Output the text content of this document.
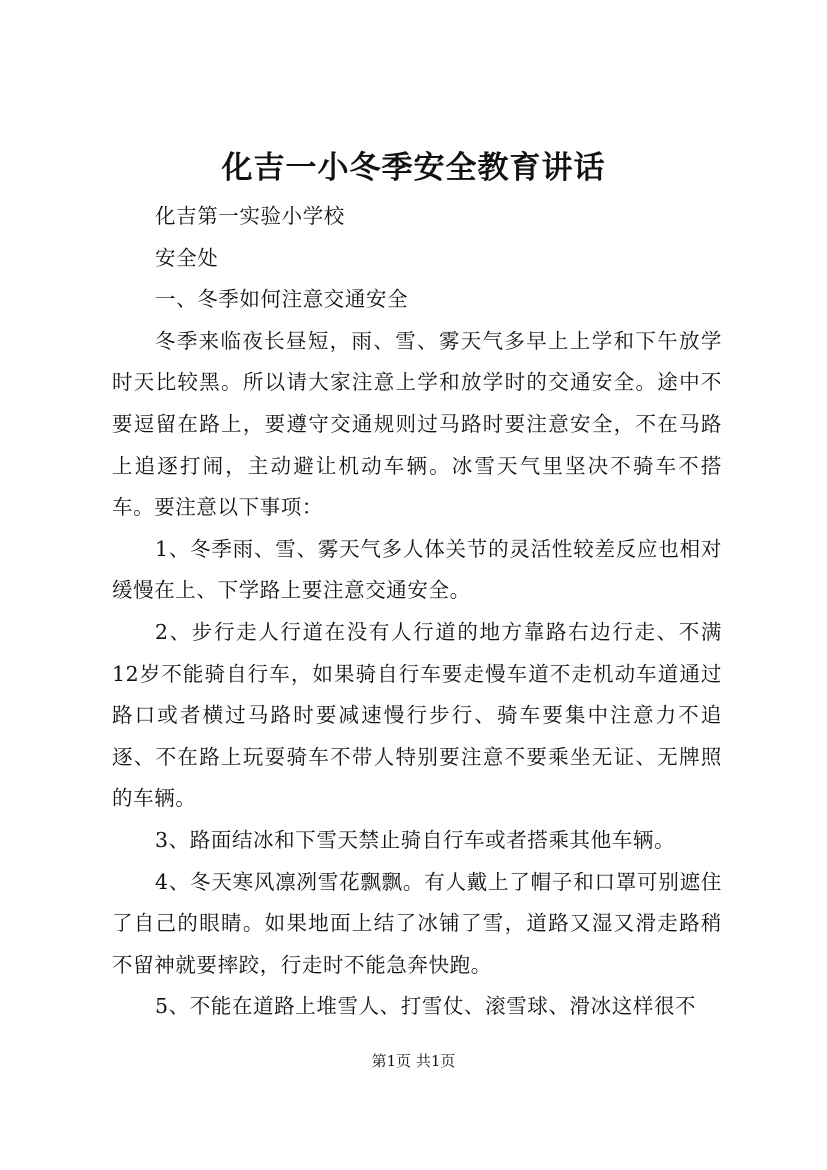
化吉一小冬季安全教育讲话

化吉第一实验小学校

安全处

一、冬季如何注意交通安全

冬季来临夜长昼短，雨、雪、雾天气多早上上学和下午放学时天比较黑。所以请大家注意上学和放学时的交通安全。途中不要逗留在路上，要遵守交通规则过马路时要注意安全，不在马路上追逐打闹，主动避让机动车辆。冰雪天气里坚决不骑车不搭车。要注意以下事项：

1、冬季雨、雪、雾天气多人体关节的灵活性较差反应也相对缓慢在上、下学路上要注意交通安全。

2、步行走人行道在没有人行道的地方靠路右边行走、不满12岁不能骑自行车，如果骑自行车要走慢车道不走机动车道通过路口或者横过马路时要减速慢行步行、骑车要集中注意力不追逐、不在路上玩耍骑车不带人特别要注意不要乘坐无证、无牌照的车辆。

3、路面结冰和下雪天禁止骑自行车或者搭乘其他车辆。

4、冬天寒风凛冽雪花飘飘。有人戴上了帽子和口罩可别遮住了自己的眼睛。如果地面上结了冰铺了雪，道路又湿又滑走路稍不留神就要摔跤，行走时不能急奔快跑。

5、不能在道路上堆雪人、打雪仗、滚雪球、滑冰这样很不

第1页 共1页
